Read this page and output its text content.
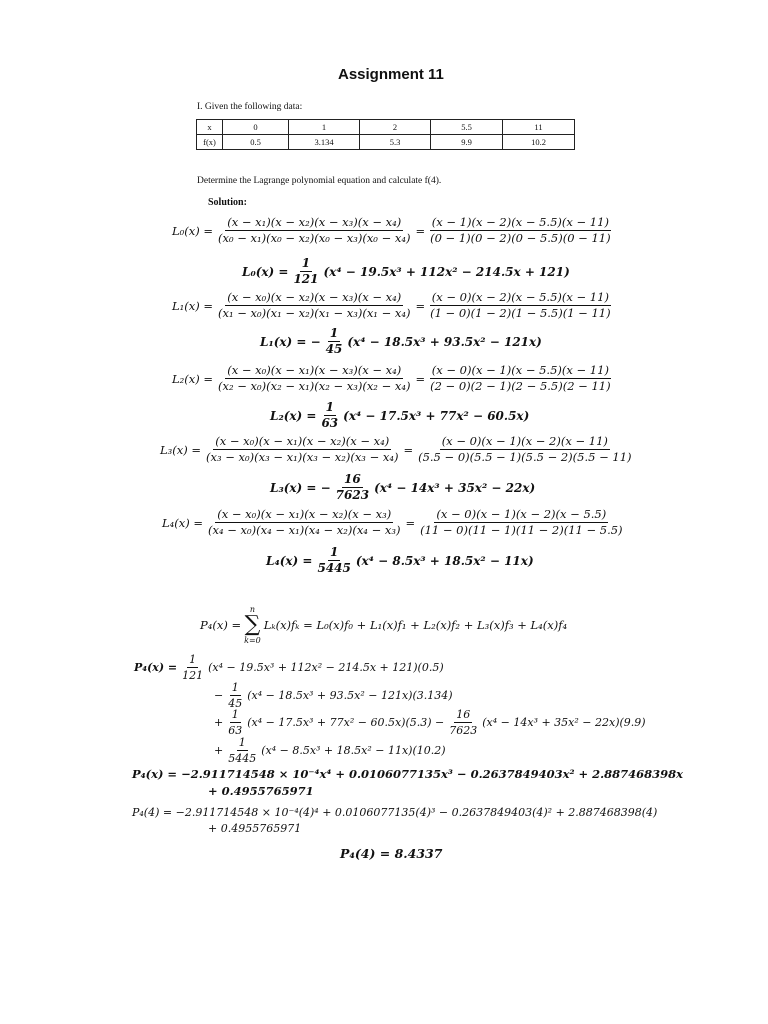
Assignment 11
I. Given the following data:
x	0	1	2	5.5	11
f(x)	0.5	3.134	5.3	9.9	10.2
Determine the Lagrange polynomial equation and calculate f(4).
Solution:
$L_0(x) = \frac{\text{(x − x₁)(x − x₂)(x − x₃)(x − x₄)}}{\text{(x₀ − x₁)(x₀ − x₂)(x₀ − x₃)(x₀ − x₄)}} = \frac{(x - 1)(x - 2)(x - 5.5)(x - 11)}{(0 - 1)(0 - 2)(0 - 5.5)(0 - 11)}$
$L_0(x) = \frac{1}{121} (x^4 - 19.5x^3 + 112x^2 - 214.5x + 121)$
$L_1(x) = \frac{\text{(x − x₀)(x − x₂)(x − x₃)(x − x₄)}}{\text{(x₁ − x₀)(x₁ − x₂)(x₁ − x₃)(x₁ − x₄)}} = \frac{(x - 0)(x - 2)(x - 5.5)(x - 11)}{(1 - 0)(1 - 2)(1 - 5.5)(1 - 11)}$
L₁(x) = − $\frac{1}{45} (x^4 - 18.5x^3 + 93.5x^2 - 121x)$
$L_2(x) = \frac{\text{(x − x₀)(x − x₁)(x − x₃)(x − x₄)}}{\text{(x₂ − x₀)(x₂ − x₁)(x₂ − x₃)(x₂ − x₄)}} = \frac{(x - 0)(x - 1)(x - 5.5)(x - 11)}{(2 - 0)(2 - 1)(2 - 5.5)(2 - 11)}$
$L_2(x) = \frac{1}{63} (x^4 - 17.5x^3 + 77x^2 - 60.5x)$
$L_3(x) = \frac{\text{(x − x₀)(x − x₁)(x − x₂)(x − x₄)}}{\text{(x₃ − x₀)(x₃ − x₁)(x₃ − x₂)(x₃ − x₄)}} = \frac{(x - 0)(x - 1)(x - 2)(x - 11)}{(5.5 - 0)(5.5 - 1)(5.5 - 2)(5.5 - 11)}$
L₃(x) = − $\frac{16}{7623} (x^4 - 14x^3 + 35x^2 - 22x)$
$L_4(x) = \frac{\text{(x − x₀)(x − x₁)(x − x₂)(x − x₃)}}{\text{(x₄ − x₀)(x₄ − x₁)(x₄ − x₂)(x₄ − x₃)}} = \frac{(x - 0)(x - 1)(x - 2)(x - 5.5)}{(11 - 0)(11 - 1)(11 - 2)(11 - 5.5)}$
$L_4(x) = \frac{1}{5445} (x^4 - 8.5x^3 + 18.5x^2 - 11x)$
P₄(x) =
n
∑
k=0
Lₖ(x)fₖ = L₀(x)f₀ + L₁(x)f₁ + L₂(x)f₂ + L₃(x)f₃ + L₄(x)f₄
$P_4(x) = \frac{1}{121} (x^4 - 19.5x^3 + 112x^2 - 214.5x + 121)(0.5)$
− $\frac{1}{45} (x^4 - 18.5x^3 + 93.5x^2 - 121x)(3.134)$
+ $\frac{1}{63} (x^4 - 17.5x^3 + 77x^2 - 60.5x)(5.3) - \frac{16}{7623} (x^4 - 14x^3 + 35x^2 - 22x)(9.9)$
+ $\frac{1}{5445} (x^4 - 8.5x^3 + 18.5x^2 - 11x)(10.2)$
P₄(x) = −2.911714548 × 10⁻⁴x⁴ + 0.0106077135x³ − 0.2637849403x² + 2.887468398x
+ 0.4955765971
P₄(4) = −2.911714548 × 10⁻⁴(4)⁴ + 0.0106077135(4)³ − 0.2637849403(4)² + 2.887468398(4)
+ 0.4955765971
P₄(4) = 8.4337
